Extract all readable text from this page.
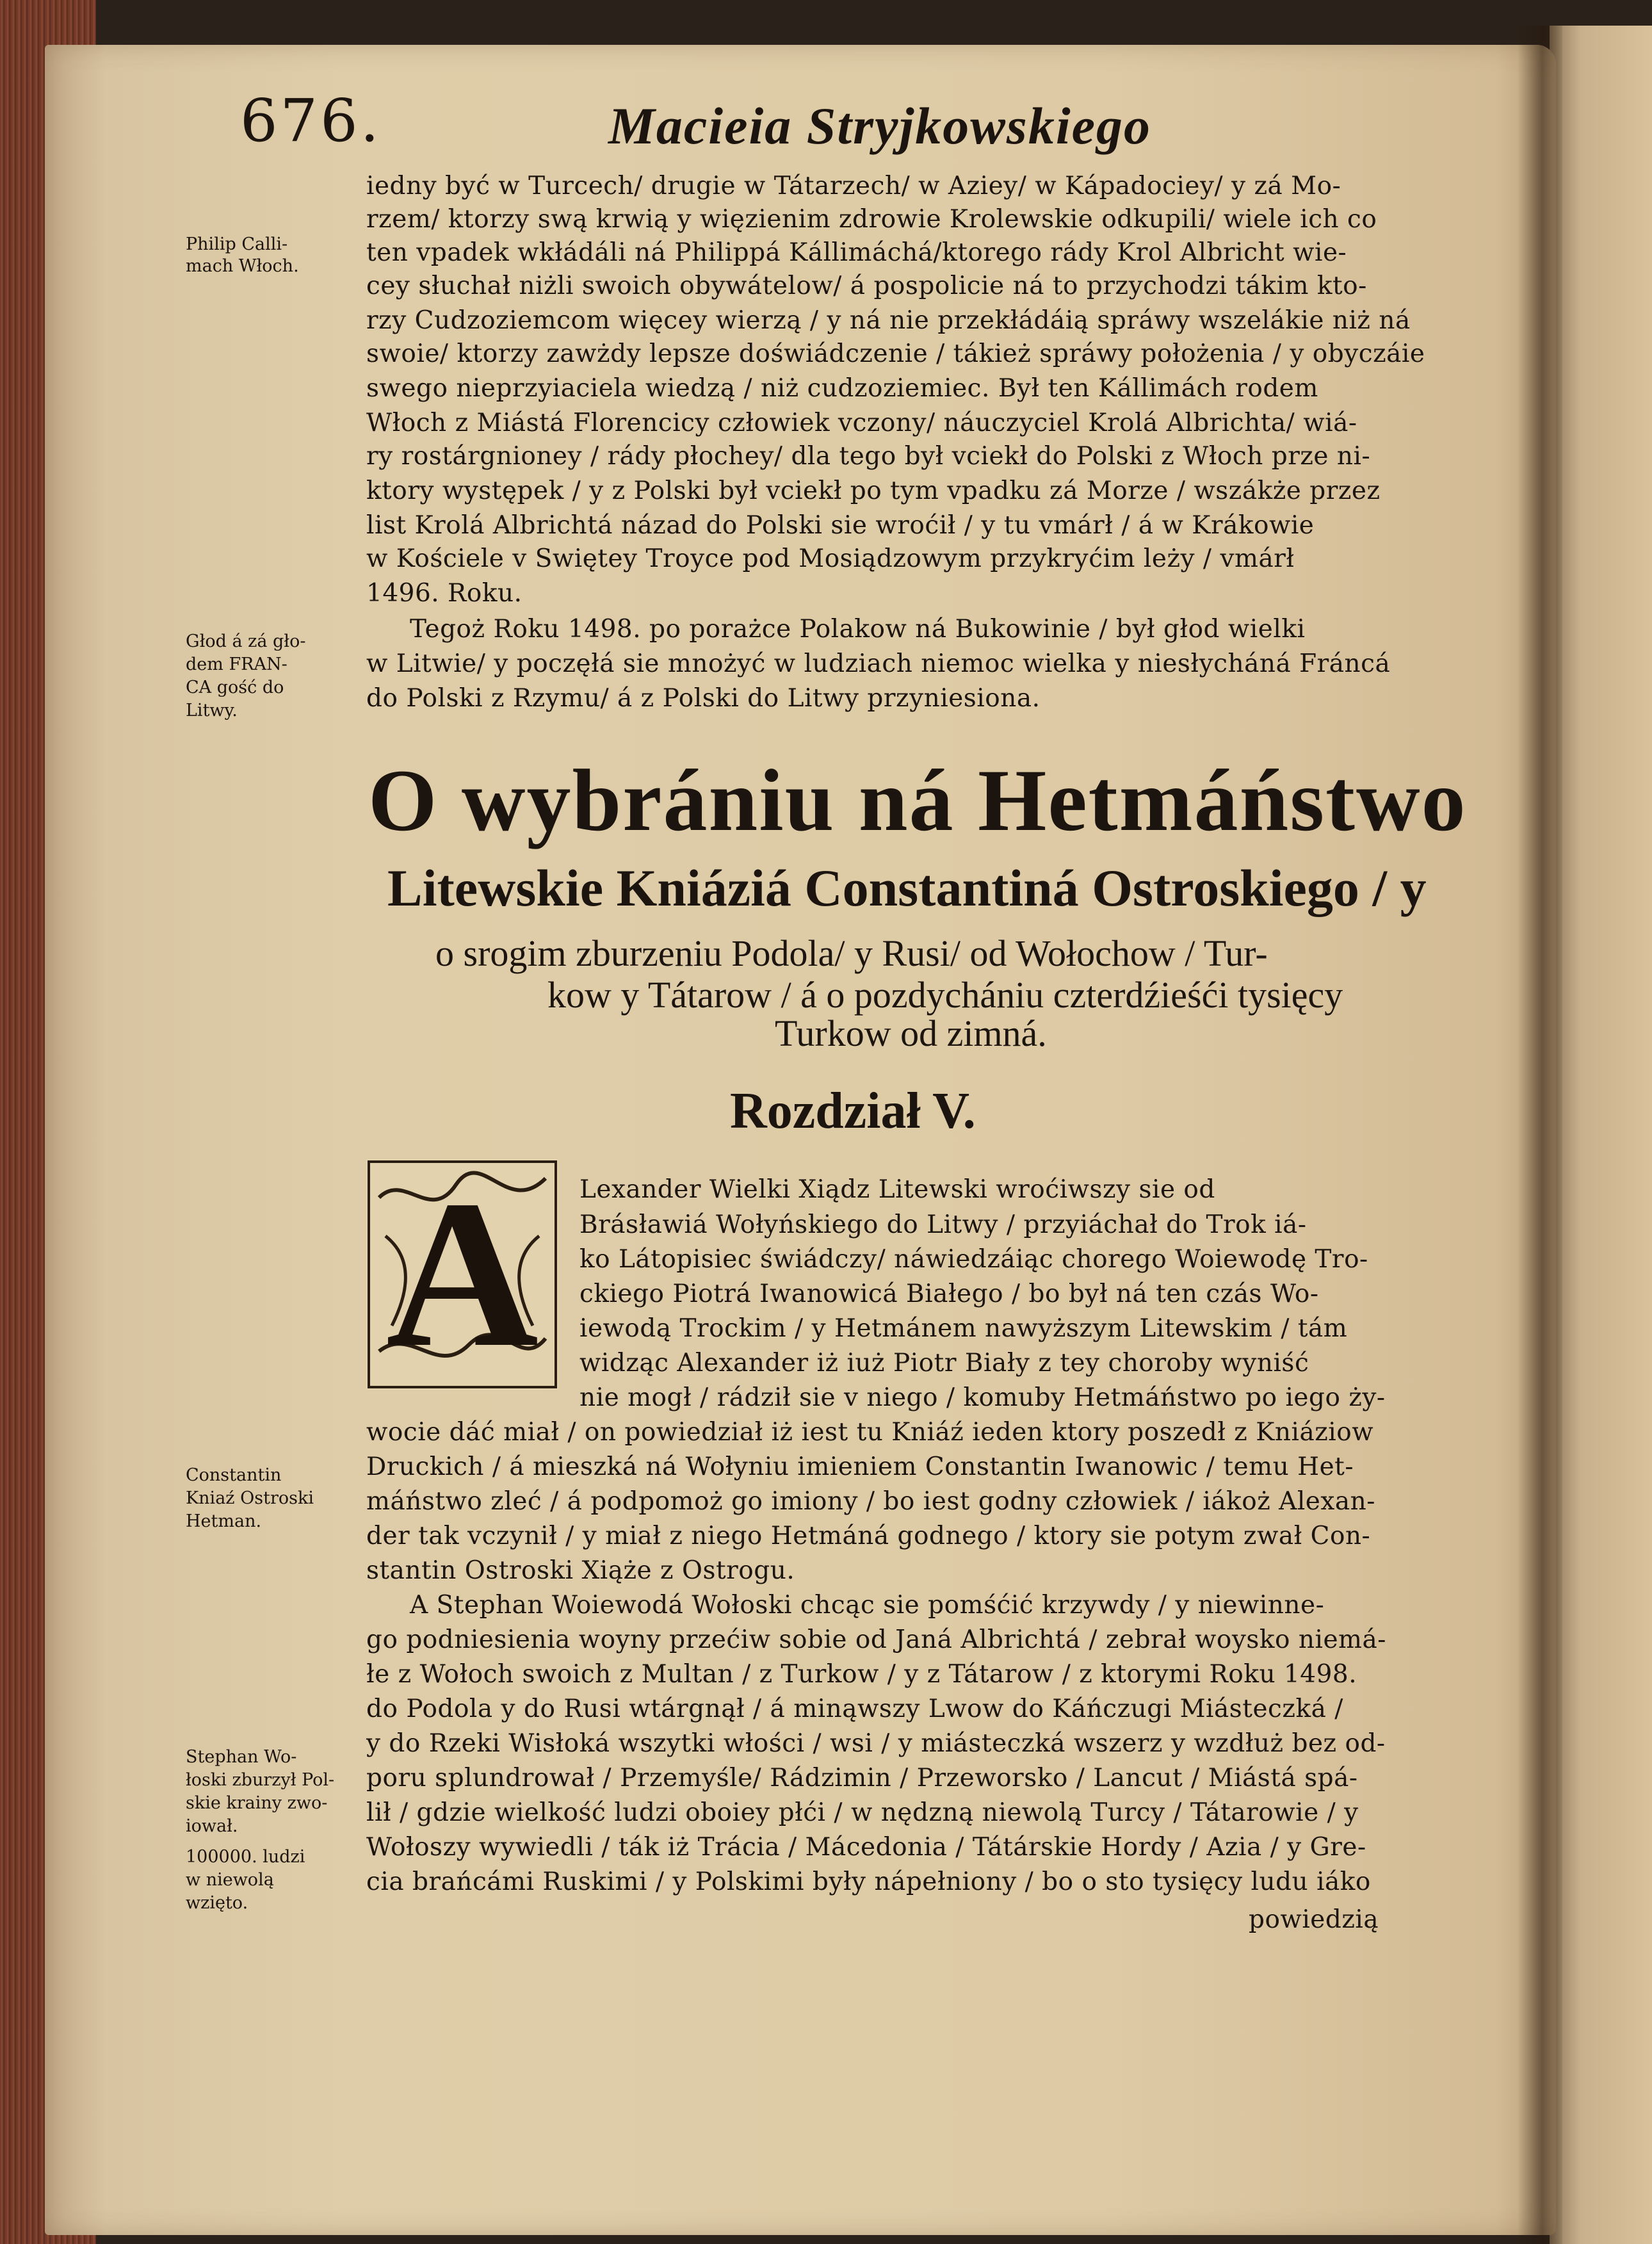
676.	Macieia Stryjkowskiego

iedny być w Turcech/ drugie w Tátarzech/ w Aziey/ w Kápadociey/ y zá Mo-

rzem/ ktorzy swą krwią y więzienim zdrowie Krolewskie odkupili/ wiele ich co

ten vpadek wkłádáli ná Philippá Kállimáchá/ktorego rády Krol Albricht wie-

cey słuchał niżli swoich obywátelow/ á pospolicie ná to przychodzi tákim kto-

rzy Cudzoziemcom więcey wierzą / y ná nie przekłádáią spráwy wszelákie niż ná

swoie/ ktorzy zawżdy lepsze doświádczenie / tákież spráwy położenia / y obyczáie

swego nieprzyiaciela wiedzą / niż cudzoziemiec. Był ten Kállimách rodem

Włoch z Miástá Florencicy człowiek vczony/ náuczyciel Krolá Albrichta/ wiá-

ry rostárgnioney / rády płochey/ dla tego był vciekł do Polski z Włoch prze ni-

ktory występek / y z Polski był vciekł po tym vpadku zá Morze / wszákże przez

list Krolá Albrichtá názad do Polski sie wroćił / y tu vmárł / á w Krákowie

w Kościele v Swiętey Troyce pod Mosiądzowym przykryćim leży / vmárł

1496. Roku.

Tegoż Roku 1498. po porażce Polakow ná Bukowinie / był głod wielki

w Litwie/ y poczęłá sie mnożyć w ludziach niemoc wielka y niesłycháná Fráncá

do Polski z Rzymu/ á z Polski do Litwy przyniesiona.

Philip Calli-

mach Włoch.

Głod á zá gło-

dem FRAN-

CA gość do

Litwy.

Constantin

Kniaź Ostroski

Hetman.

Stephan Wo-

łoski zburzył Pol-

skie krainy zwo-

iował.

100000. ludzi

w niewolą

wzięto.

O wybrániu ná Hetmáństwo

Litewskie Kniáziá Constantiná Ostroskiego / y

o srogim zburzeniu Podola/ y Rusi/ od Wołochow / Tur-

kow y Tátarow / á o pozdychániu czterdźieśći tysięcy

Turkow od zimná.

Rozdział V.

A	Lexander Wielki Xiądz Litewski wroćiwszy sie od

Brásławiá Wołyńskiego do Litwy / przyiáchał do Trok iá-

ko Látopisiec świádczy/ náwiedzáiąc chorego Woiewodę Tro-

ckiego Piotrá Iwanowicá Białego / bo był ná ten czás Wo-

iewodą Trockim / y Hetmánem nawyższym Litewskim / tám

widząc Alexander iż iuż Piotr Biały z tey choroby wyniść

nie mogł / rádził sie v niego / komuby Hetmáństwo po iego ży-

wocie dáć miał / on powiedział iż iest tu Kniáź ieden ktory poszedł z Kniáziow

Druckich / á mieszká ná Wołyniu imieniem Constantin Iwanowic / temu Het-

máństwo zleć / á podpomoż go imiony / bo iest godny człowiek / iákoż Alexan-

der tak vczynił / y miał z niego Hetmáná godnego / ktory sie potym zwał Con-

stantin Ostroski Xiąże z Ostrogu.

A Stephan Woiewodá Wołoski chcąc sie pomśćić krzywdy / y niewinne-

go podniesienia woyny przećiw sobie od Janá Albrichtá / zebrał woysko niemá-

łe z Wołoch swoich z Multan / z Turkow / y z Tátarow / z ktorymi Roku 1498.

do Podola y do Rusi wtárgnął / á minąwszy Lwow do Káńczugi Miásteczká /

y do Rzeki Wisłoká wszytki włości / wsi / y miásteczká wszerz y wzdłuż bez od-

poru splundrował / Przemyśle/ Rádzimin / Przeworsko / Lancut / Miástá spá-

lił / gdzie wielkość ludzi oboiey płći / w nędzną niewolą Turcy / Tátarowie / y

Wołoszy wywiedli / ták iż Trácia / Mácedonia / Tátárskie Hordy / Azia / y Gre-

cia brańcámi Ruskimi / y Polskimi były nápełniony / bo o sto tysięcy ludu iáko

powiedzią
